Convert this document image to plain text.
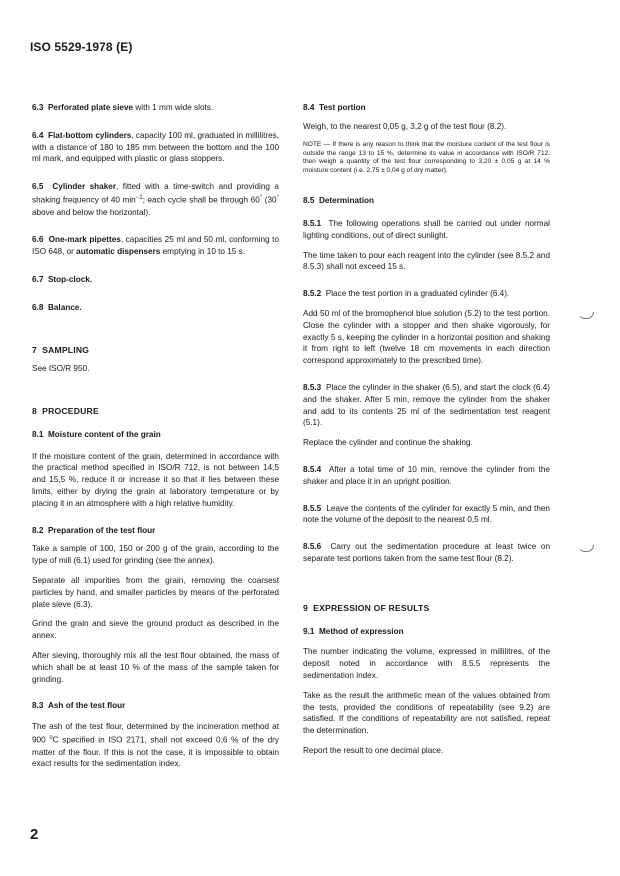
ISO 5529-1978 (E)

6.3 Perforated plate sieve with 1 mm wide slots.

6.4 Flat-bottom cylinders, capacity 100 ml, graduated in millilitres, with a distance of 180 to 185 mm between the bottom and the 100 ml mark, and equipped with plastic or glass stoppers.

6.5 Cylinder shaker, fitted with a time-switch and providing a shaking frequency of 40 $\min^{-1}$; each cycle shall be through 60° (30° above and below the horizontal).

6.6 One-mark pipettes, capacities 25 ml and 50 ml, conforming to ISO 648, or automatic dispensers emptying in 10 to 15 s.

6.7 Stop-clock.

6.8 Balance.

7 SAMPLING

See ISO/R 950.

8 PROCEDURE

8.1 Moisture content of the grain

If the moisture content of the grain, determined in accordance with the practical method specified in ISO/R 712, is not between 14,5 and 15,5 %, reduce it or increase it so that it lies between these limits, either by drying the grain at laboratory temperature or by placing it in an atmosphere with a high relative humidity.

8.2 Preparation of the test flour

Take a sample of 100, 150 or 200 g of the grain, according to the type of mill (6.1) used for grinding (see the annex).

Separate all impurities from the grain, removing the coarsest particles by hand, and smaller particles by means of the perforated plate sieve (6.3).

Grind the grain and sieve the ground product as described in the annex.

After sieving, thoroughly mix all the test flour obtained, the mass of which shall be at least 10 % of the mass of the sample taken for grinding.

8.3 Ash of the test flour

The ash of the test flour, determined by the incineration method at 900 $^o$C specified in ISO 2171, shall not exceed 0,6 % of the dry matter of the flour. If this is not the case, it is impossible to obtain exact results for the sedimentation index.

8.4 Test portion

Weigh, to the nearest 0,05 g, 3,2 g of the test flour (8.2).

NOTE — If there is any reason to think that the moisture content of the test flour is outside the range 13 to 15 %, determine its value in accordance with ISO/R 712, then weigh a quantity of the test flour corresponding to 3,20 ± 0,05 g at 14 % moisture content (i.e. 2,75 ± 0,04 g of dry matter).

8.5 Determination

8.5.1 The following operations shall be carried out under normal lighting conditions, out of direct sunlight.

The time taken to pour each reagent into the cylinder (see 8.5.2 and 8.5.3) shall not exceed 15 s.

8.5.2 Place the test portion in a graduated cylinder (6.4).

Add 50 ml of the bromophenol blue solution (5.2) to the test portion. Close the cylinder with a stopper and then shake vigorously, for exactly 5 s, keeping the cylinder in a horizontal position and shaking it from right to left (twelve 18 cm movements in each direction correspond approximately to the prescribed time).

8.5.3 Place the cylinder in the shaker (6.5), and start the clock (6.4) and the shaker. After 5 min, remove the cylinder from the shaker and add to its contents 25 ml of the sedimentation test reagent (5.1).

Replace the cylinder and continue the shaking.

8.5.4 After a total time of 10 min, remove the cylinder from the shaker and place it in an upright position.

8.5.5 Leave the contents of the cylinder for exactly 5 min, and then note the volume of the deposit to the nearest 0,5 ml.

8.5.6 Carry out the sedimentation procedure at least twice on separate test portions taken from the same test flour (8.2).

9 EXPRESSION OF RESULTS

9.1 Method of expression

The number indicating the volume, expressed in millilitres, of the deposit noted in accordance with 8.5.5 represents the sedimentation index.

Take as the result the arithmetic mean of the values obtained from the tests, provided the conditions of repeatability (see 9.2) are satisfied. If the conditions of repeatability are not satisfied, repeat the determination.

Report the result to one decimal place.

2
